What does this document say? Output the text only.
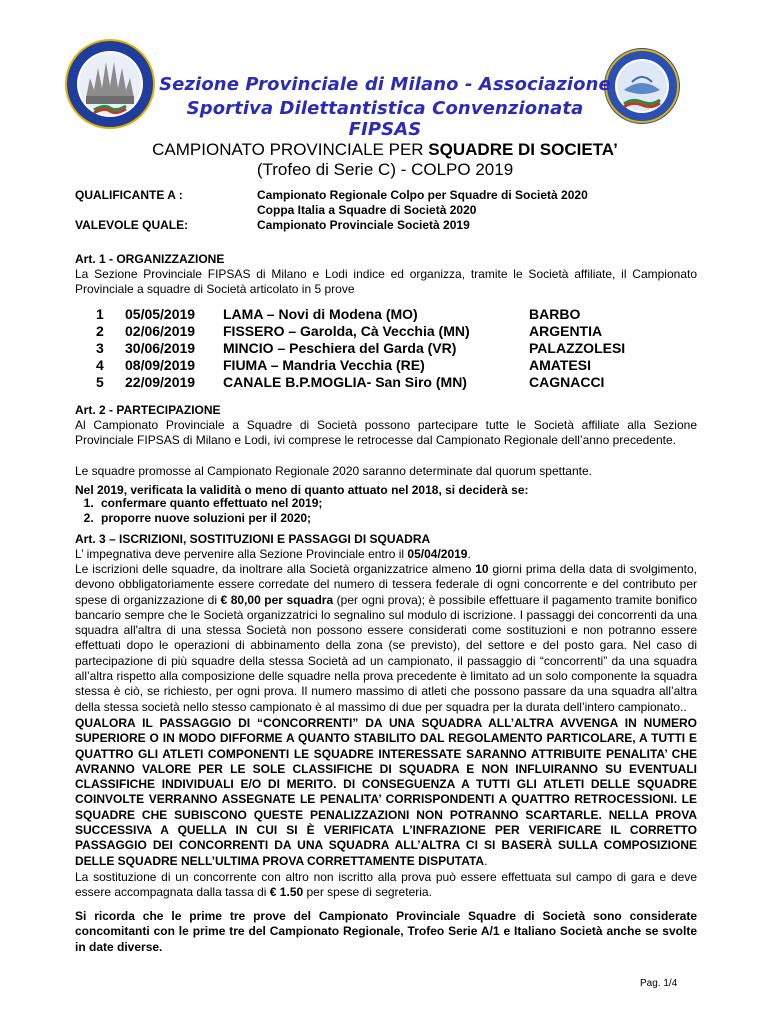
Sezione Provinciale di Milano - Associazione
Sportiva Dilettantistica Convenzionata FIPSAS
CAMPIONATO PROVINCIALE PER SQUADRE DI SOCIETA’
(Trofeo di Serie C) - COLPO 2019
QUALIFICANTE A :	Campionato Regionale Colpo per Squadre di Società 2020
Coppa Italia a Squadre di Società 2020
VALEVOLE QUALE:	Campionato Provinciale Società 2019
Art. 1 - ORGANIZZAZIONE
La Sezione Provinciale FIPSAS di Milano e Lodi indice ed organizza, tramite le Società affiliate, il Campionato Provinciale a squadre di Società articolato in 5 prove
1 05/05/2019 LAMA – Novi di Modena (MO)	BARBO
2 02/06/2019 FISSERO – Garolda, Cà Vecchia (MN)	ARGENTIA
3 30/06/2019 MINCIO – Peschiera del Garda (VR)	PALAZZOLESI
4 08/09/2019 FIUMA – Mandria Vecchia (RE)	AMATESI
5 22/09/2019 CANALE B.P.MOGLIA- San Siro (MN)	CAGNACCI
Art. 2 - PARTECIPAZIONE
Al Campionato Provinciale a Squadre di Società possono partecipare tutte le Società affiliate alla Sezione Provinciale FIPSAS di Milano e Lodi, ivi comprese le retrocesse dal Campionato Regionale dell’anno precedente.
Le squadre promosse al Campionato Regionale 2020 saranno determinate dal quorum spettante.
Nel 2019, verificata la validità o meno di quanto attuato nel 2018, si deciderà se:
1. confermare quanto effettuato nel 2019;
2. proporre nuove soluzioni per il 2020;
Art. 3 – ISCRIZIONI, SOSTITUZIONI E PASSAGGI DI SQUADRA
L’ impegnativa deve pervenire alla Sezione Provinciale entro il 05/04/2019.
Le iscrizioni delle squadre, da inoltrare alla Società organizzatrice almeno 10 giorni prima della data di svolgimento, devono obbligatoriamente essere corredate del numero di tessera federale di ogni concorrente e del contributo per spese di organizzazione di € 80,00 per squadra (per ogni prova); è possibile effettuare il pagamento tramite bonifico bancario sempre che le Società organizzatrici lo segnalino sul modulo di iscrizione. I passaggi dei concorrenti da una squadra all'altra di una stessa Società non possono essere considerati come sostituzioni e non potranno essere effettuati dopo le operazioni di abbinamento della zona (se previsto), del settore e del posto gara. Nel caso di partecipazione di più squadre della stessa Società ad un campionato, il passaggio di “concorrenti” da una squadra all’altra rispetto alla composizione delle squadre nella prova precedente è limitato ad un solo componente la squadra stessa è ciò, se richiesto, per ogni prova. Il numero massimo di atleti che possono passare da una squadra all’altra della stessa società nello stesso campionato è al massimo di due per squadra per la durata dell’intero campionato..
QUALORA IL PASSAGGIO DI “CONCORRENTI” DA UNA SQUADRA ALL’ALTRA AVVENGA IN NUMERO SUPERIORE O IN MODO DIFFORME A QUANTO STABILITO DAL REGOLAMENTO PARTICOLARE, A TUTTI E QUATTRO GLI ATLETI COMPONENTI LE SQUADRE INTERESSATE SARANNO ATTRIBUITE PENALITA’ CHE AVRANNO VALORE PER LE SOLE CLASSIFICHE DI SQUADRA E NON INFLUIRANNO SU EVENTUALI CLASSIFICHE INDIVIDUALI E/O DI MERITO. DI CONSEGUENZA A TUTTI GLI ATLETI DELLE SQUADRE COINVOLTE VERRANNO ASSEGNATE LE PENALITA’ CORRISPONDENTI A QUATTRO RETROCESSIONI. LE SQUADRE CHE SUBISCONO QUESTE PENALIZZAZIONI NON POTRANNO SCARTARLE. NELLA PROVA SUCCESSIVA A QUELLA IN CUI SI È VERIFICATA L’INFRAZIONE PER VERIFICARE IL CORRETTO PASSAGGIO DEI CONCORRENTI DA UNA SQUADRA ALL’ALTRA CI SI BASERÀ SULLA COMPOSIZIONE DELLE SQUADRE NELL’ULTIMA PROVA CORRETTAMENTE DISPUTATA.
La sostituzione di un concorrente con altro non iscritto alla prova può essere effettuata sul campo di gara e deve essere accompagnata dalla tassa di € 1.50 per spese di segreteria.
Si ricorda che le prime tre prove del Campionato Provinciale Squadre di Società sono considerate concomitanti con le prime tre del Campionato Regionale, Trofeo Serie A/1 e Italiano Società anche se svolte in date diverse.
Pag. 1/4
